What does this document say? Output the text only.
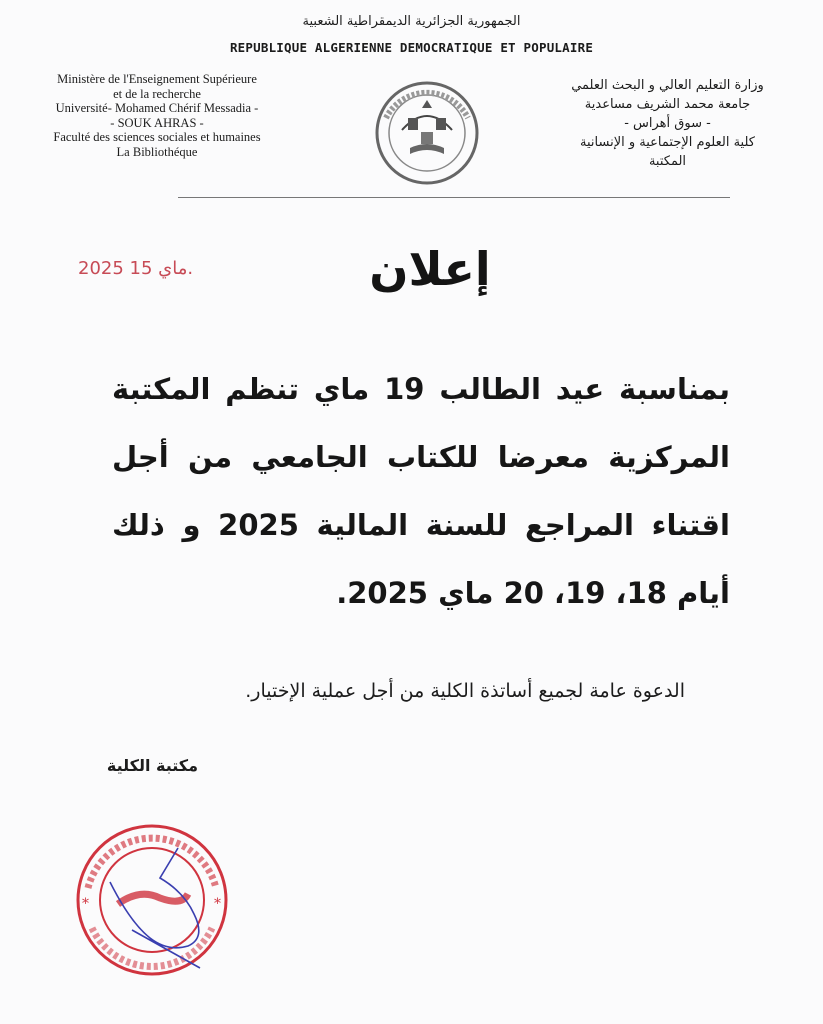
الجمهورية الجزائرية الديمقراطية الشعبية
REPUBLIQUE ALGERIENNE DEMOCRATIQUE ET POPULAIRE
Ministère de l'Enseignement Supérieure
et de la recherche
Université- Mohamed Chérif Messadia -
- SOUK AHRAS -
Faculté des sciences sociales et humaines
La Bibliothéque
وزارة التعليم العالي و البحث العلمي
جامعة محمد الشريف مساعدية
- سوق أهراس -
كلية العلوم الإجتماعية و الإنسانية
المكتبة
2025 ماي 15.	إعلان
بمناسبة عيد الطالب 19 ماي تنظم المكتبة المركزية معرضا للكتاب الجامعي من أجل اقتناء المراجع للسنة المالية 2025 و ذلك أيام 18، 19، 20 ماي 2025.
الدعوة عامة لجميع أساتذة الكلية من أجل عملية الإختيار.
مكتبة الكلية
*	*
